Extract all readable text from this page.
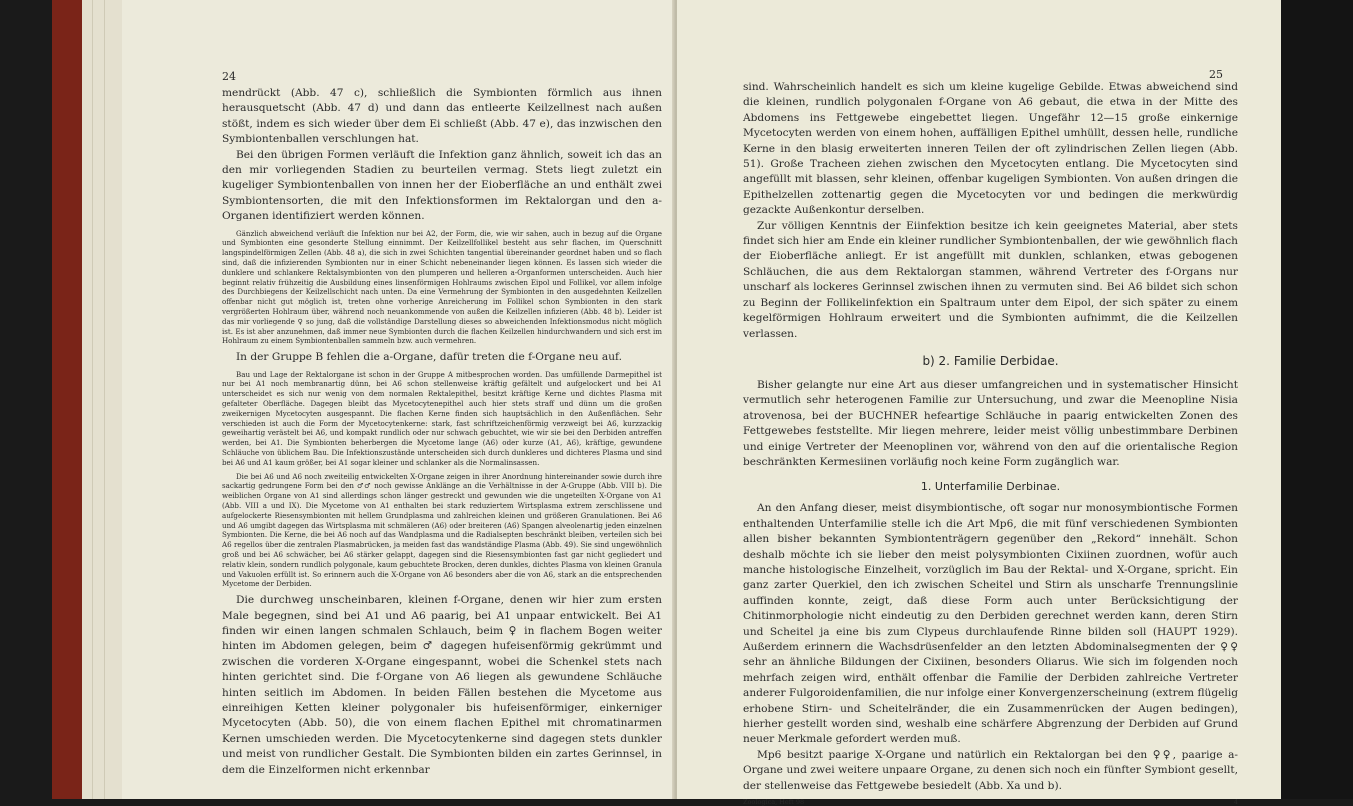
24

mendrückt (Abb. 47 c), schließlich die Symbionten förmlich aus ihnen herausquetscht (Abb. 47 d) und dann das entleerte Keilzellnest nach außen stößt, indem es sich wieder über dem Ei schließt (Abb. 47 e), das inzwischen den Symbiontenballen verschlungen hat.

Bei den übrigen Formen verläuft die Infektion ganz ähnlich, soweit ich das an den mir vorliegenden Stadien zu beurteilen vermag. Stets liegt zuletzt ein kugeliger Symbiontenballen von innen her der Eioberfläche an und enthält zwei Symbiontensorten, die mit den Infektionsformen im Rektalorgan und den a-Organen identifiziert werden können.

Gänzlich abweichend verläuft die Infektion nur bei A2, der Form, die, wie wir sahen, auch in bezug auf die Organe und Symbionten eine gesonderte Stellung einnimmt. Der Keilzellfollikel besteht aus sehr flachen, im Querschnitt langspindelförmigen Zellen (Abb. 48 a), die sich in zwei Schichten tangential übereinander geordnet haben und so flach sind, daß die infizierenden Symbionten nur in einer Schicht nebeneinander liegen können. Es lassen sich wieder die dunklere und schlankere Rektalsymbionten von den plumperen und helleren a-Organformen unterscheiden. Auch hier beginnt relativ frühzeitig die Ausbildung eines linsenförmigen Hohlraums zwischen Eipol und Follikel, vor allem infolge des Durchbiegens der Keilzellschicht nach unten. Da eine Vermehrung der Symbionten in den ausgedehnten Keilzellen offenbar nicht gut möglich ist, treten ohne vorherige Anreicherung im Follikel schon Symbionten in den stark vergrößerten Hohlraum über, während noch neuankommende von außen die Keilzellen infizieren (Abb. 48 b). Leider ist das mir vorliegende ♀ so jung, daß die vollständige Darstellung dieses so abweichenden Infektionsmodus nicht möglich ist. Es ist aber anzunehmen, daß immer neue Symbionten durch die flachen Keilzellen hindurchwandern und sich erst im Hohlraum zu einem Symbiontenballen sammeln bzw. auch vermehren.

In der Gruppe B fehlen die a-Organe, dafür treten die f-Organe neu auf.

Bau und Lage der Rektalorgane ist schon in der Gruppe A mitbesprochen worden. Das umfüllende Darmepithel ist nur bei A1 noch membranartig dünn, bei A6 schon stellenweise kräftig gefältelt und aufgelockert und bei A1 unterscheidet es sich nur wenig von dem normalen Rektalepithel, besitzt kräftige Kerne und dichtes Plasma mit gefalteter Oberfläche. Dagegen bleibt das Mycetocytenepithel auch hier stets straff und dünn um die großen zweikernigen Mycetocyten ausgespannt. Die flachen Kerne finden sich hauptsächlich in den Außenflächen. Sehr verschieden ist auch die Form der Mycetocytenkerne: stark, fast schriftzeichenförmig verzweigt bei A6, kurzzackig geweihartig verästelt bei A6, und kompakt rundlich oder nur schwach gebuchtet, wie wir sie bei den Derbiden antreffen werden, bei A1. Die Symbionten beherbergen die Mycetome lange (A6) oder kurze (A1, A6), kräftige, gewundene Schläuche von üblichem Bau. Die Infektionszustände unterscheiden sich durch dunkleres und dichteres Plasma und sind bei A6 und A1 kaum größer, bei A1 sogar kleiner und schlanker als die Normalinsassen.

Die bei A6 und A6 noch zweiteilig entwickelten X-Organe zeigen in ihrer Anordnung hintereinander sowie durch ihre sackartig gedrungene Form bei den ♂♂ noch gewisse Anklänge an die Verhältnisse in der A-Gruppe (Abb. VIII b). Die weiblichen Organe von A1 sind allerdings schon länger gestreckt und gewunden wie die ungeteilten X-Organe von A1 (Abb. VIII a und IX). Die Mycetome von A1 enthalten bei stark reduziertem Wirtsplasma extrem zerschlissene und aufgelockerte Riesensymbionten mit hellem Grundplasma und zahlreichen kleinen und größeren Granulationen. Bei A6 und A6 umgibt dagegen das Wirtsplasma mit schmäleren (A6) oder breiteren (A6) Spangen alveolenartig jeden einzelnen Symbionten. Die Kerne, die bei A6 noch auf das Wandplasma und die Radialsepten beschränkt bleiben, verteilen sich bei A6 regellos über die zentralen Plasmabrücken, ja meiden fast das wandständige Plasma (Abb. 49). Sie sind ungewöhnlich groß und bei A6 schwächer, bei A6 stärker gelappt, dagegen sind die Riesensymbionten fast gar nicht gegliedert und relativ klein, sondern rundlich polygonale, kaum gebuchtete Brocken, deren dunkles, dichtes Plasma von kleinen Granula und Vakuolen erfüllt ist. So erinnern auch die X-Organe von A6 besonders aber die von A6, stark an die entsprechenden Mycetome der Derbiden.

Die durchweg unscheinbaren, kleinen f-Organe, denen wir hier zum ersten Male begegnen, sind bei A1 und A6 paarig, bei A1 unpaar entwickelt. Bei A1 finden wir einen langen schmalen Schlauch, beim ♀ in flachem Bogen weiter hinten im Abdomen gelegen, beim ♂ dagegen hufeisenförmig gekrümmt und zwischen die vorderen X-Organe eingespannt, wobei die Schenkel stets nach hinten gerichtet sind. Die f-Organe von A6 liegen als gewundene Schläuche hinten seitlich im Abdomen. In beiden Fällen bestehen die Mycetome aus einreihigen Ketten kleiner polygonaler bis hufeisenförmiger, einkerniger Mycetocyten (Abb. 50), die von einem flachen Epithel mit chromatinarmen Kernen umschieden werden. Die Mycetocytenkerne sind dagegen stets dunkler und meist von rundlicher Gestalt. Die Symbionten bilden ein zartes Gerinnsel, in dem die Einzelformen nicht erkennbar

25

sind. Wahrscheinlich handelt es sich um kleine kugelige Gebilde. Etwas abweichend sind die kleinen, rundlich polygonalen f-Organe von A6 gebaut, die etwa in der Mitte des Abdomens ins Fettgewebe eingebettet liegen. Ungefähr 12—15 große einkernige Mycetocyten werden von einem hohen, auffälligen Epithel umhüllt, dessen helle, rundliche Kerne in den blasig erweiterten inneren Teilen der oft zylindrischen Zellen liegen (Abb. 51). Große Tracheen ziehen zwischen den Mycetocyten entlang. Die Mycetocyten sind angefüllt mit blassen, sehr kleinen, offenbar kugeligen Symbionten. Von außen dringen die Epithelzellen zottenartig gegen die Mycetocyten vor und bedingen die merkwürdig gezackte Außenkontur derselben.

Zur völligen Kenntnis der Eiinfektion besitze ich kein geeignetes Material, aber stets findet sich hier am Ende ein kleiner rundlicher Symbiontenballen, der wie gewöhnlich flach der Eioberfläche anliegt. Er ist angefüllt mit dunklen, schlanken, etwas gebogenen Schläuchen, die aus dem Rektalorgan stammen, während Vertreter des f-Organs nur unscharf als lockeres Gerinnsel zwischen ihnen zu vermuten sind. Bei A6 bildet sich schon zu Beginn der Follikelinfektion ein Spaltraum unter dem Eipol, der sich später zu einem kegelförmigen Hohlraum erweitert und die Symbionten aufnimmt, die die Keilzellen verlassen.

b) 2. Familie Derbidae.

Bisher gelangte nur eine Art aus dieser umfangreichen und in systematischer Hinsicht vermutlich sehr heterogenen Familie zur Untersuchung, und zwar die Meenopline Nisia atrovenosa, bei der BUCHNER hefeartige Schläuche in paarig entwickelten Zonen des Fettgewebes feststellte. Mir liegen mehrere, leider meist völlig unbestimmbare Derbinen und einige Vertreter der Meenoplinen vor, während von den auf die orientalische Region beschränkten Kermesiinen vorläufig noch keine Form zugänglich war.

1. Unterfamilie Derbinae.

An den Anfang dieser, meist disymbiontische, oft sogar nur monosymbiontische Formen enthaltenden Unterfamilie stelle ich die Art Mp6, die mit fünf verschiedenen Symbionten allen bisher bekannten Symbiontenträgern gegenüber den „Rekord“ innehält. Schon deshalb möchte ich sie lieber den meist polysymbionten Cixiinen zuordnen, wofür auch manche histologische Einzelheit, vorzüglich im Bau der Rektal- und X-Organe, spricht. Ein ganz zarter Querkiel, den ich zwischen Scheitel und Stirn als unscharfe Trennungslinie auffinden konnte, zeigt, daß diese Form auch unter Berücksichtigung der Chitinmorphologie nicht eindeutig zu den Derbiden gerechnet werden kann, deren Stirn und Scheitel ja eine bis zum Clypeus durchlaufende Rinne bilden soll (HAUPT 1929). Außerdem erinnern die Wachsdrüsenfelder an den letzten Abdominalsegmenten der ♀♀ sehr an ähnliche Bildungen der Cixiinen, besonders Oliarus. Wie sich im folgenden noch mehrfach zeigen wird, enthält offenbar die Familie der Derbiden zahlreiche Vertreter anderer Fulgoroidenfamilien, die nur infolge einer Konvergenzerscheinung (extrem flügelig erhobene Stirn- und Scheitelränder, die ein Zusammenrücken der Augen bedingen), hierher gestellt worden sind, weshalb eine schärfere Abgrenzung der Derbiden auf Grund neuer Merkmale gefordert werden muß.

Mp6 besitzt paarige X-Organe und natürlich ein Rektalorgan bei den ♀♀, paarige a-Organe und zwei weitere unpaare Organe, zu denen sich noch ein fünfter Symbiont gesellt, der stellenweise das Fettgewebe besiedelt (Abb. Xa und b).

Zoologica, Heft 98	4
